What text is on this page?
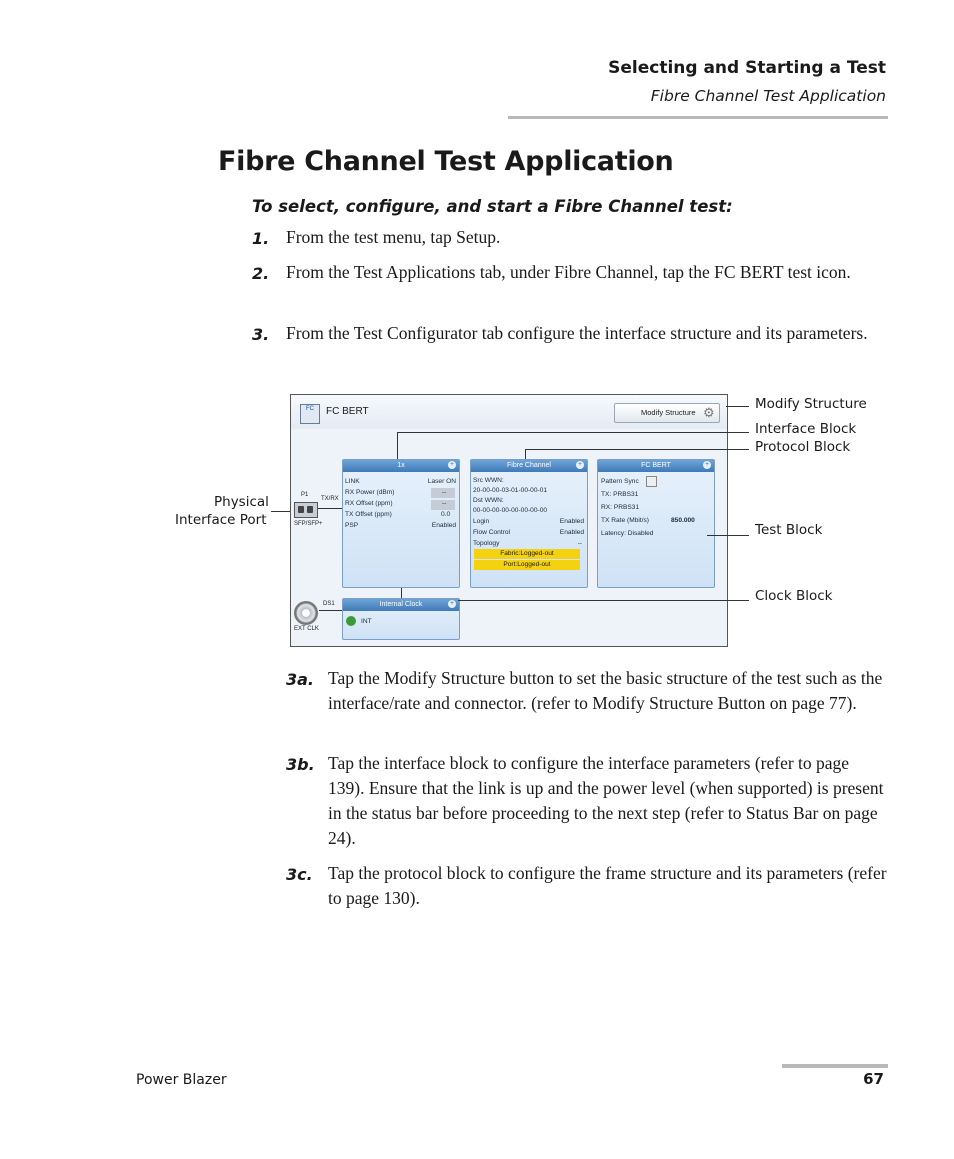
Selecting and Starting a Test
Fibre Channel Test Application
Fibre Channel Test Application
To select, configure, and start a Fibre Channel test:
1. From the test menu, tap Setup.
2. From the Test Applications tab, under Fibre Channel, tap the FC BERT test icon.
3. From the Test Configurator tab configure the interface structure and its parameters.
FC	FC BERT	Modify Structure ⚙
P1
TX/RX
SFP/SFP+
DS1
EXT CLK
1x	+
LINK	Laser ON
RX Power (dBm)	--
RX Offset (ppm)	--
TX Offset (ppm)	0.0
PSP	Enabled
Fibre Channel	+
Src WWN:
20-00-00-03-01-00-00-01
Dst WWN:
00-00-00-00-00-00-00-00
Login	Enabled
Flow Control	Enabled
Topology	--
Fabric:Logged-out
Port:Logged-out
FC BERT	+
Pattern Sync
TX: PRBS31
RX: PRBS31
TX Rate (Mbit/s)	850.000
Latency: Disabled
Internal Clock	+
INT
Modify Structure
Interface Block
Protocol Block
Physical
Interface Port
Test Block
Clock Block
3a. Tap the Modify Structure button to set the basic structure of the test such as the interface/rate and connector. (refer to Modify Structure Button on page 77).
3b. Tap the interface block to configure the interface parameters (refer to page 139). Ensure that the link is up and the power level (when supported) is present in the status bar before proceeding to the next step (refer to Status Bar on page 24).
3c. Tap the protocol block to configure the frame structure and its parameters (refer to page 130).
Power Blazer	67
